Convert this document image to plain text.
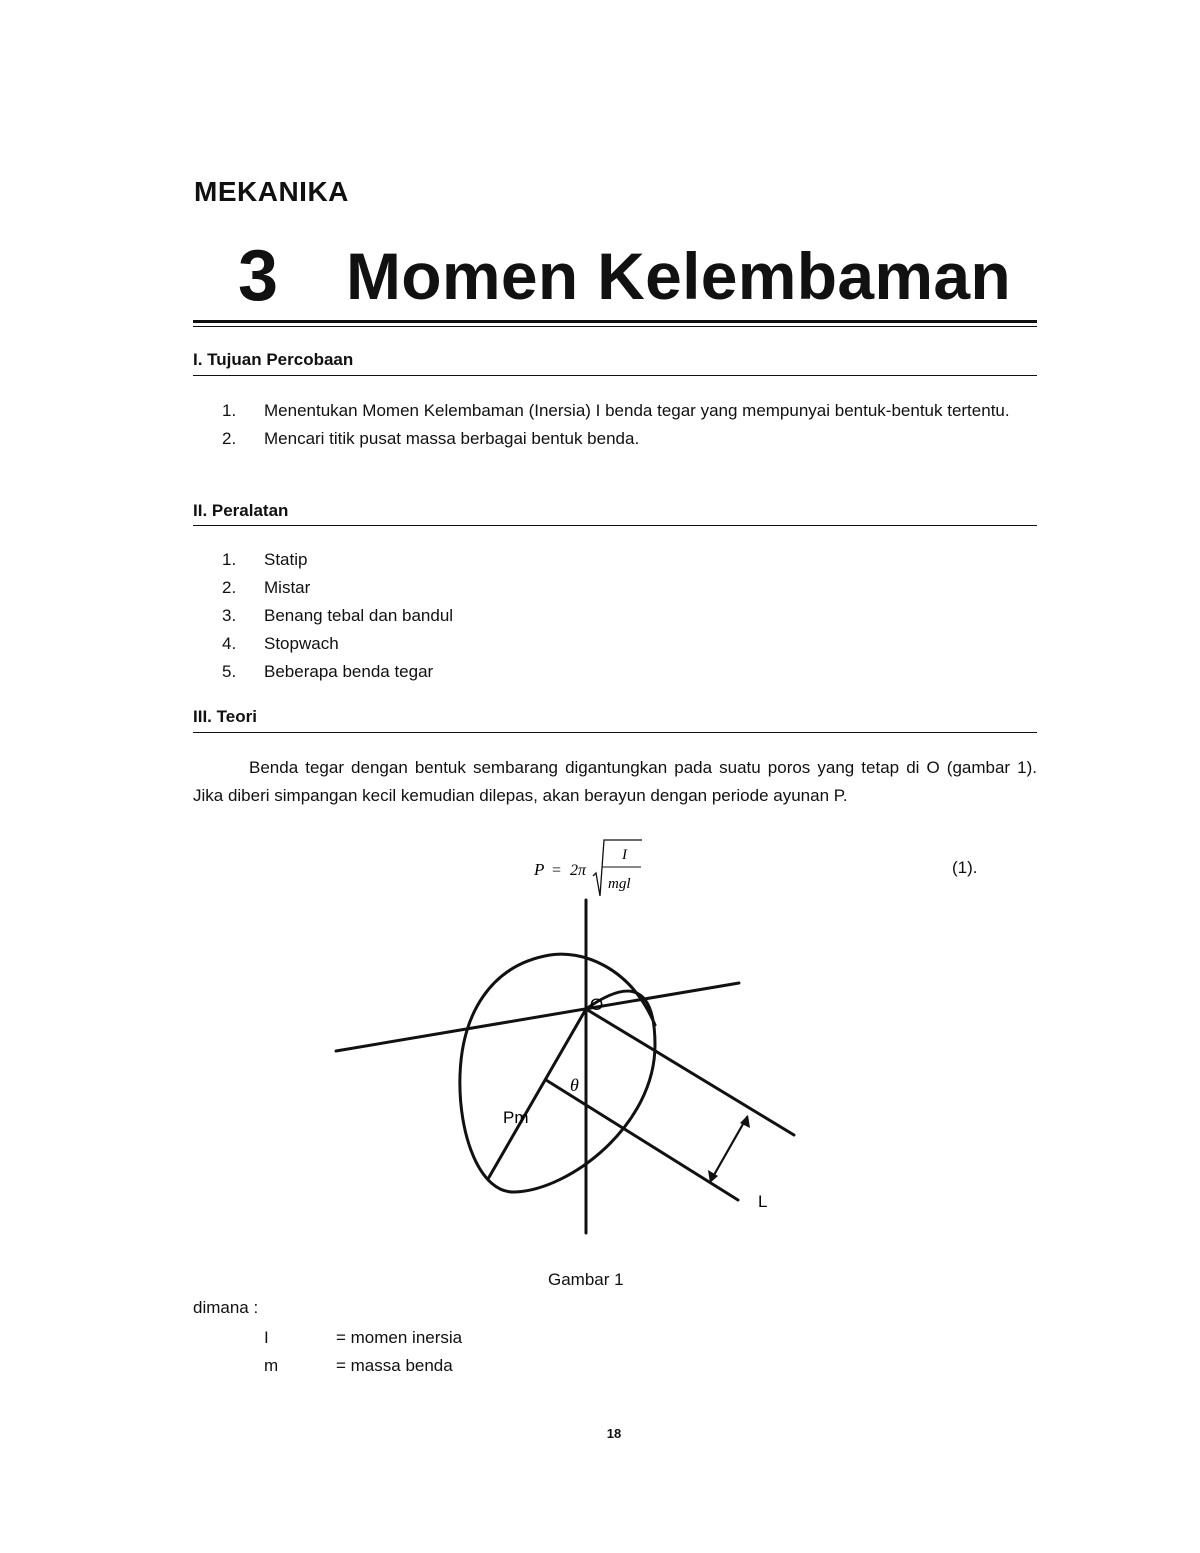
MEKANIKA
3 Momen Kelembaman
I. Tujuan Percobaan
1. Menentukan Momen Kelembaman (Inersia) I benda tegar yang mempunyai bentuk-bentuk tertentu.
2. Mencari titik pusat massa berbagai bentuk benda.
II. Peralatan
1. Statip
2. Mistar
3. Benang tebal dan bandul
4. Stopwach
5. Beberapa benda tegar
III. Teori

Benda tegar dengan bentuk sembarang digantungkan pada suatu poros yang tetap di O (gambar 1). Jika diberi simpangan kecil kemudian dilepas, akan berayun dengan periode ayunan P.

P = 2π
I
mgl
(1).
O
θ
Pm
L
Gambar 1
dimana :
I	= momen inersia
m	= massa benda
18
